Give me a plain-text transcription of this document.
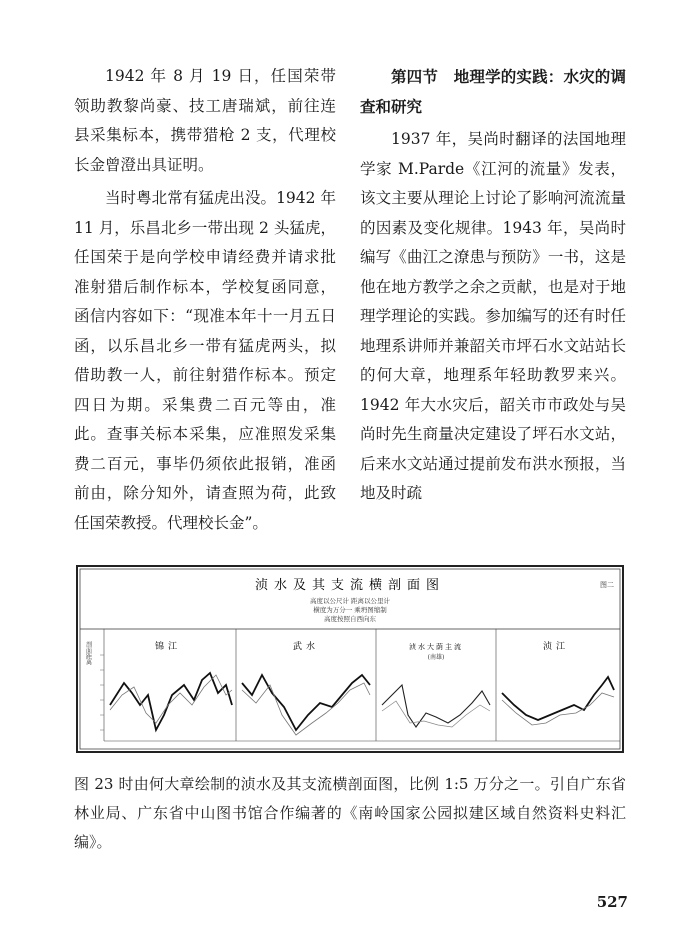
1942 年 8 月 19 日，任国荣带领助教黎尚豪、技工唐瑞斌，前往连县采集标本，携带猎枪 2 支，代理校长金曾澄出具证明。

当时粤北常有猛虎出没。1942 年 11 月，乐昌北乡一带出现 2 头猛虎，任国荣于是向学校申请经费并请求批准射猎后制作标本，学校复函同意，函信内容如下：“现准本年十一月五日函，以乐昌北乡一带有猛虎两头，拟借助教一人，前往射猎作标本。预定四日为期。采集费二百元等由，准此。查事关标本采集，应准照发采集费二百元，事毕仍须依此报销，准函前由，除分知外，请查照为荷，此致任国荣教授。代理校长金”。

第四节　地理学的实践：水灾的调查和研究

1937 年，吴尚时翻译的法国地理学家 M.Parde《江河的流量》发表，该文主要从理论上讨论了影响河流流量的因素及变化规律。1943 年，吴尚时编写《曲江之潦患与预防》一书，这是他在地方教学之余之贡献，也是对于地理学理论的实践。参加编写的还有时任地理系讲师并兼韶关市坪石水文站站长的何大章，地理系年轻助教罗来兴。1942 年大水灾后，韶关市市政处与吴尚时先生商量决定建设了坪石水文站，后来水文站通过提前发布洪水预报，当地及时疏

浈水及其支流横剖面图
高度以公尺计 距离以公里计
横度为万分一 乘坍图缩制
高度按照自西向东
图二
剖面距离	锦江	武水	浈水大荫主流
(南雄)
浈江
图 23 时由何大章绘制的浈水及其支流横剖面图，比例 1:5 万分之一。引自广东省林业局、广东省中山图书馆合作编著的《南岭国家公园拟建区域自然资料史料汇编》。
527
